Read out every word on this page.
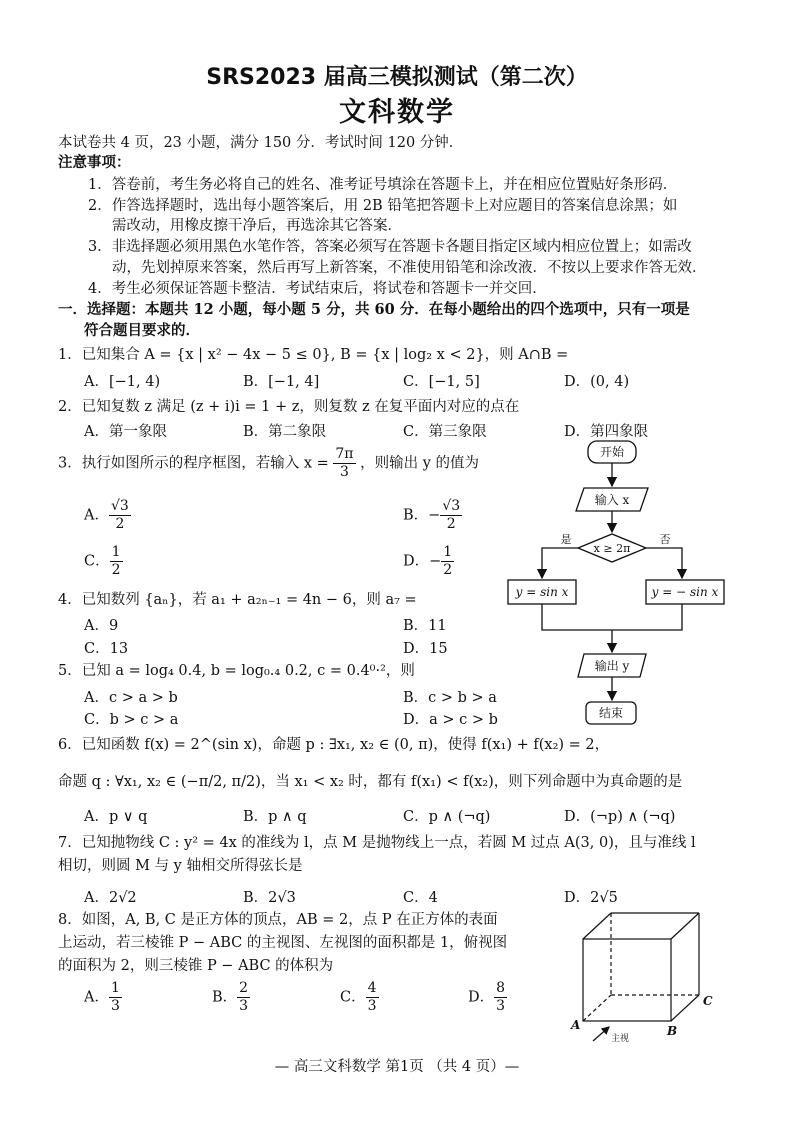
SRS2023 届高三模拟测试（第二次）
文科数学
本试卷共 4 页，23 小题，满分 150 分．考试时间 120 分钟．
注意事项：
1．答卷前，考生务必将自己的姓名、准考证号填涂在答题卡上，并在相应位置贴好条形码．
2．作答选择题时，选出每小题答案后，用 2B 铅笔把答题卡上对应题目的答案信息涂黑；如
需改动，用橡皮擦干净后，再选涂其它答案．
3．非选择题必须用黑色水笔作答，答案必须写在答题卡各题目指定区域内相应位置上；如需改
动，先划掉原来答案，然后再写上新答案，不准使用铅笔和涂改液．不按以上要求作答无效．
4．考生必须保证答题卡整洁．考试结束后，将试卷和答题卡一并交回．
一．选择题：本题共 12 小题，每小题 5 分，共 60 分．在每小题给出的四个选项中，只有一项是
符合题目要求的．
1．已知集合 A = {x | x² − 4x − 5 ≤ 0}, B = {x | log₂ x < 2}，则 A∩B =
A．[−1, 4)	B．[−1, 4]	C．[−1, 5]	D．(0, 4)
2．已知复数 z 满足 (z + i)i = 1 + z，则复数 z 在复平面内对应的点在
A．第一象限	B．第二象限	C．第三象限	D．第四象限
3．执行如图所示的程序框图，若输入 $x = \frac{7\pi}{3}$ ，则输出 y 的值为
A． $\frac{√3}{2}$	B．− $\frac{√3}{2}$
C． $\frac{1}{2}$	D．− $\frac{1}{2}$
4．已知数列 {aₙ}，若 a₁ + a₂ₙ₋₁ = 4n − 6，则 a₇ =
A．9	B．11
C．13	D．15
5．已知 a = log₄ 0.4, b = log₀.₄ 0.2, c = 0.4⁰·²，则
A．c > a > b	B．c > b > a
C．b > c > a	D．a > c > b
6．已知函数 f(x) = 2^(sin x)，命题 p : ∃x₁, x₂ ∈ (0, π)，使得 f(x₁) + f(x₂) = 2，
命题 q : ∀x₁, x₂ ∈ (−π/2, π/2)，当 x₁ < x₂ 时，都有 f(x₁) < f(x₂)，则下列命题中为真命题的是
A．p ∨ q	B．p ∧ q	C．p ∧ (¬q)	D．(¬p) ∧ (¬q)
7．已知抛物线 C : y² = 4x 的准线为 l，点 M 是抛物线上一点，若圆 M 过点 A(3, 0)，且与准线 l
相切，则圆 M 与 y 轴相交所得弦长是
A．2√2	B．2√3	C．4	D．2√5
8．如图，A, B, C 是正方体的顶点，AB = 2，点 P 在正方体的表面
上运动，若三棱锥 P − ABC 的主视图、左视图的面积都是 1，俯视图
的面积为 2，则三棱锥 P − ABC 的体积为
A． $\frac{1}{3}$	B． $\frac{2}{3}$	C． $\frac{4}{3}$	D． $\frac{8}{3}$
开始
输入 x
x ≥ 2π
是	否
y = sin x	y = − sin x
输出 y
结束
A	B
C
主视
— 高三文科数学 第1页 （共 4 页）—
